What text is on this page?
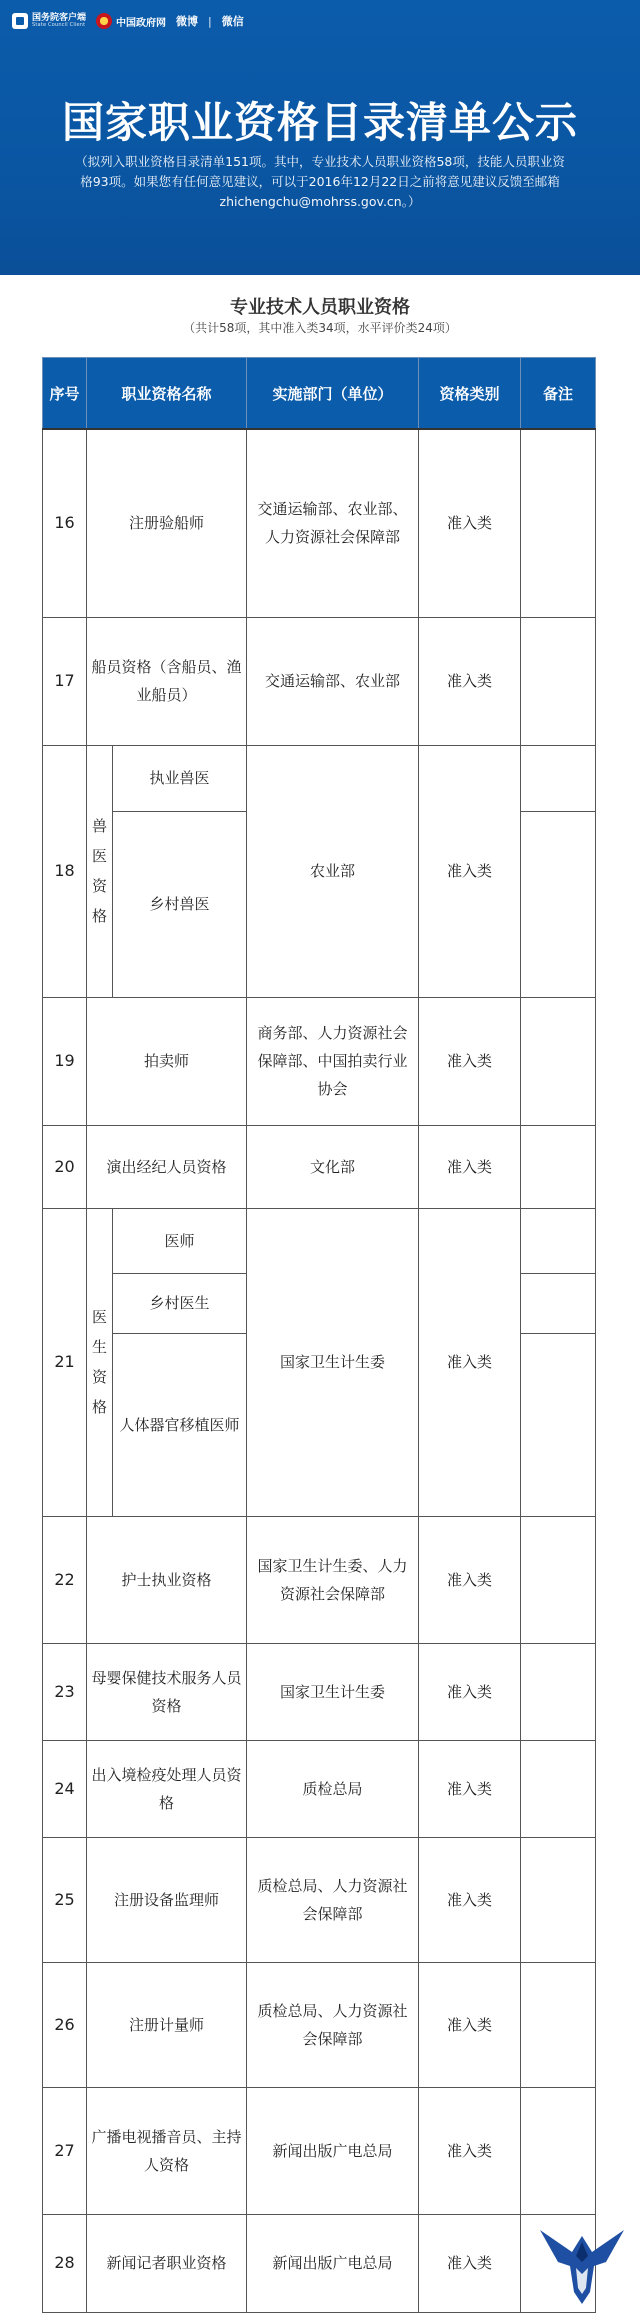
国务院客户端
State Council Client	中国政府网 微博 | 微信
国家职业资格目录清单公示

（拟列入职业资格目录清单151项。其中，专业技术人员职业资格58项，技能人员职业资格93项。如果您有任何意见建议，可以于2016年12月22日之前将意见建议反馈至邮箱zhichengchu@mohrss.gov.cn。）

专业技术人员职业资格

（共计58项，其中准入类34项，水平评价类24项）

序号	职业资格名称		实施部门（单位）	资格类别	备注
16	注册验船师		交通运输部、农业部、人力资源社会保障部	准入类	
17	船员资格（含船员、渔业船员）		交通运输部、农业部	准入类	
18	兽医资格	执业兽医	农业部	准入类	
		乡村兽医			
19	拍卖师		商务部、人力资源社会保障部、中国拍卖行业协会	准入类	
20	演出经纪人员资格		文化部	准入类	
21	医生资格	医师	国家卫生计生委	准入类	
		乡村医生			
		人体器官移植医师			
22	护士执业资格		国家卫生计生委、人力资源社会保障部	准入类	
23	母婴保健技术服务人员资格		国家卫生计生委	准入类	
24	出入境检疫处理人员资格		质检总局	准入类	
25	注册设备监理师		质检总局、人力资源社会保障部	准入类	
26	注册计量师		质检总局、人力资源社会保障部	准入类	
27	广播电视播音员、主持人资格		新闻出版广电总局	准入类	
28	新闻记者职业资格		新闻出版广电总局	准入类	
